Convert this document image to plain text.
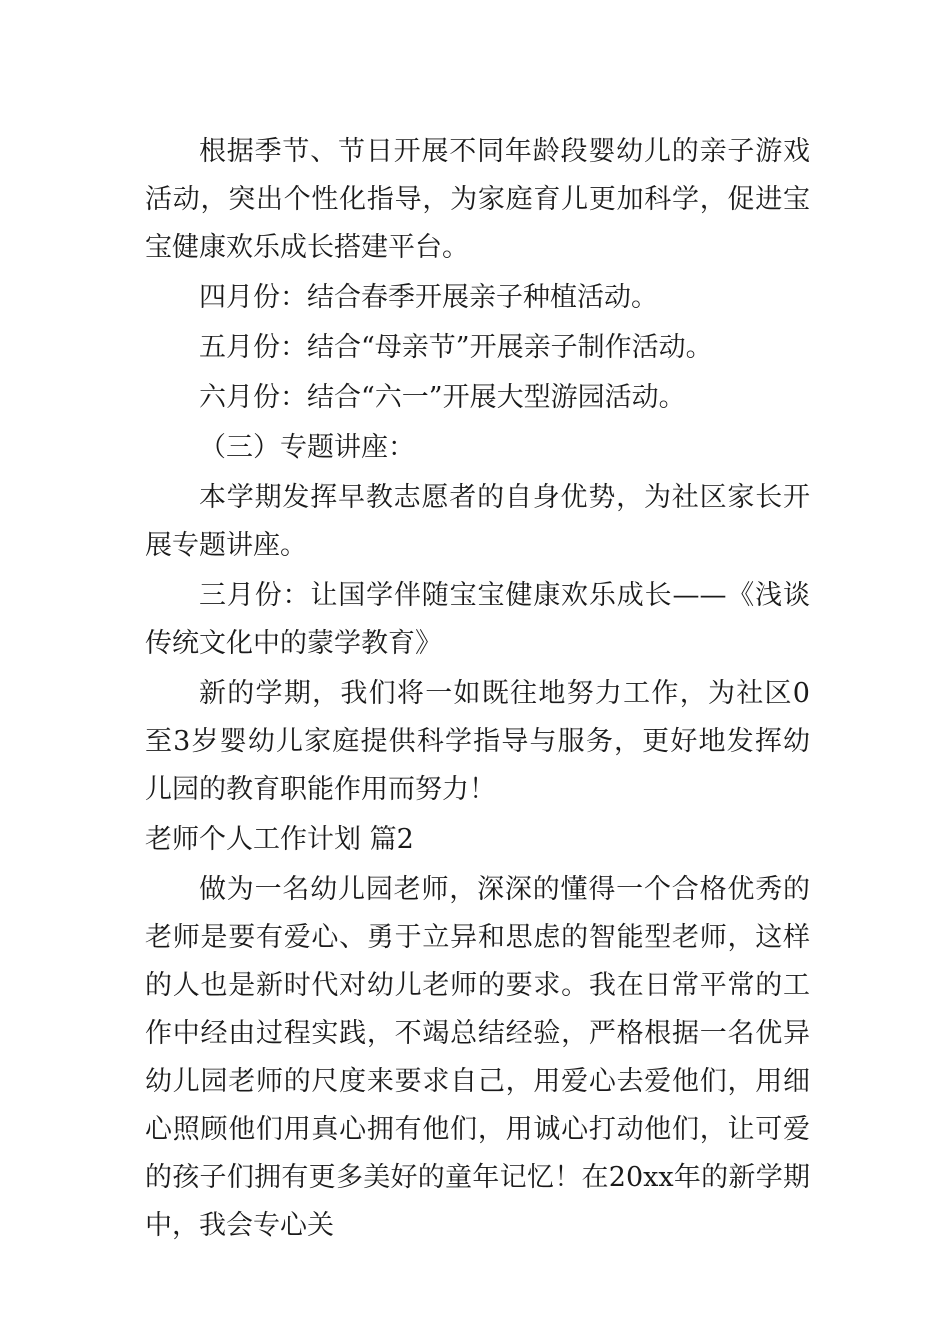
根据季节、节日开展不同年龄段婴幼儿的亲子游戏活动，突出个性化指导，为家庭育儿更加科学，促进宝宝健康欢乐成长搭建平台。

四月份：结合春季开展亲子种植活动。

五月份：结合“母亲节”开展亲子制作活动。

六月份：结合“六一”开展大型游园活动。

（三）专题讲座：

本学期发挥早教志愿者的自身优势，为社区家长开展专题讲座。

三月份：让国学伴随宝宝健康欢乐成长——《浅谈传统文化中的蒙学教育》

新的学期，我们将一如既往地努力工作，为社区0至3岁婴幼儿家庭提供科学指导与服务，更好地发挥幼儿园的教育职能作用而努力！

老师个人工作计划 篇2

做为一名幼儿园老师，深深的懂得一个合格优秀的老师是要有爱心、勇于立异和思虑的智能型老师，这样的人也是新时代对幼儿老师的要求。我在日常平常的工作中经由过程实践，不竭总结经验，严格根据一名优异幼儿园老师的尺度来要求自己，用爱心去爱他们，用细心照顾他们用真心拥有他们，用诚心打动他们，让可爱的孩子们拥有更多美好的童年记忆！在20xx年的新学期中，我会专心关
